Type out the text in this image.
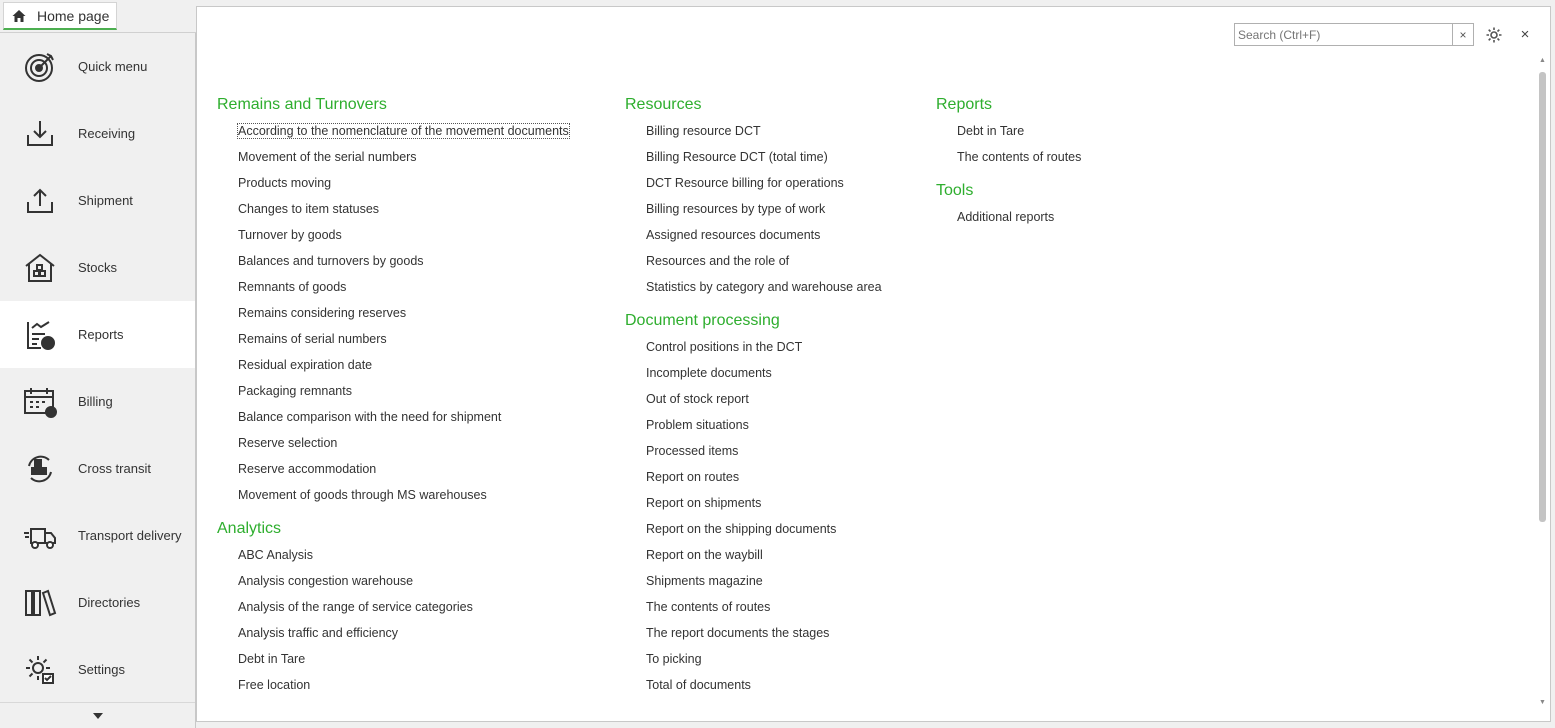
Home page
Quick menu
Receiving
Shipment
Stocks
Reports
Billing
Cross transit
Transport delivery
Directories
Settings
Search (Ctrl+F)
×	×
Remains and Turnovers
According to the nomenclature of the movement documents
Movement of the serial numbers
Products moving
Changes to item statuses
Turnover by goods
Balances and turnovers by goods
Remnants of goods
Remains considering reserves
Remains of serial numbers
Residual expiration date
Packaging remnants
Balance comparison with the need for shipment
Reserve selection
Reserve accommodation
Movement of goods through MS warehouses
Analytics
ABC Analysis
Analysis congestion warehouse
Analysis of the range of service categories
Analysis traffic and efficiency
Debt in Tare
Free location
Resources
Billing resource DCT
Billing Resource DCT (total time)
DCT Resource billing for operations
Billing resources by type of work
Assigned resources documents
Resources and the role of
Statistics by category and warehouse area
Document processing
Control positions in the DCT
Incomplete documents
Out of stock report
Problem situations
Processed items
Report on routes
Report on shipments
Report on the shipping documents
Report on the waybill
Shipments magazine
The contents of routes
The report documents the stages
To picking
Total of documents
Reports
Debt in Tare
The contents of routes
Tools
Additional reports
▲
▼
